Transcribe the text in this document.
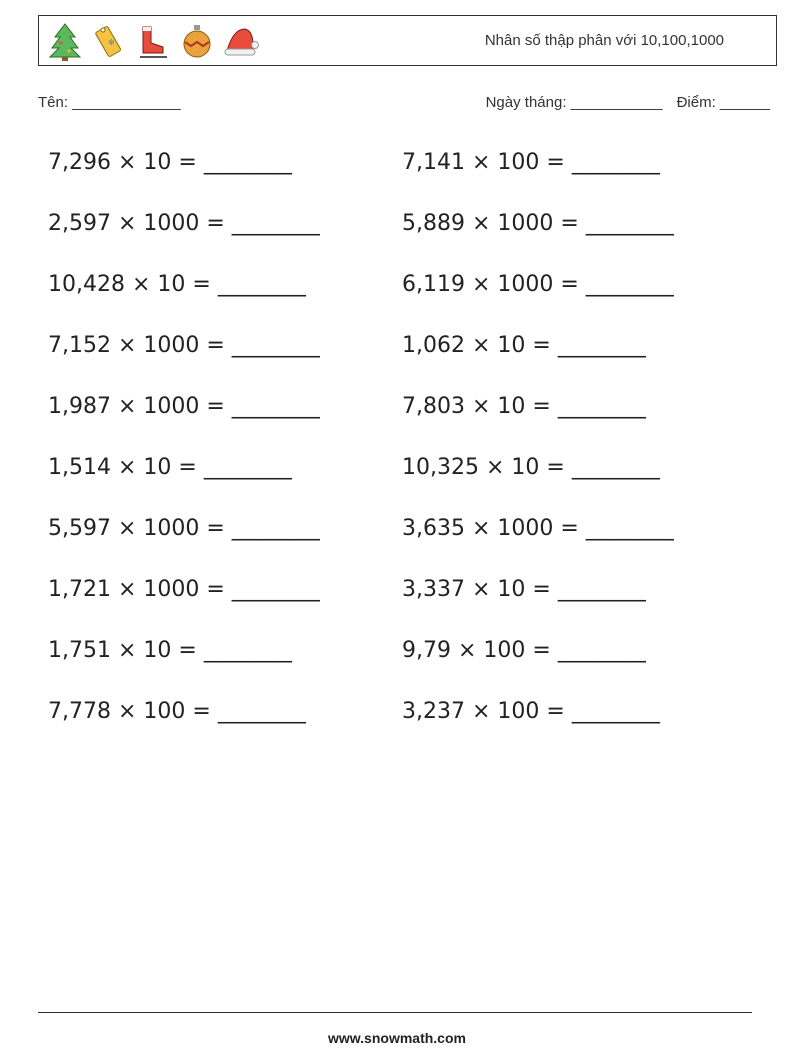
✻	Nhân số thập phân với 10,100,1000
Tên: _____________	Ngày tháng: ___________ Điểm: ______
7,296 × 10 = ________	7,141 × 100 = ________
2,597 × 1000 = ________	5,889 × 1000 = ________
10,428 × 10 = ________	6,119 × 1000 = ________
7,152 × 1000 = ________	1,062 × 10 = ________
1,987 × 1000 = ________	7,803 × 10 = ________
1,514 × 10 = ________	10,325 × 10 = ________
5,597 × 1000 = ________	3,635 × 1000 = ________
1,721 × 1000 = ________	3,337 × 10 = ________
1,751 × 10 = ________	9,79 × 100 = ________
7,778 × 100 = ________	3,237 × 100 = ________
www.snowmath.com
